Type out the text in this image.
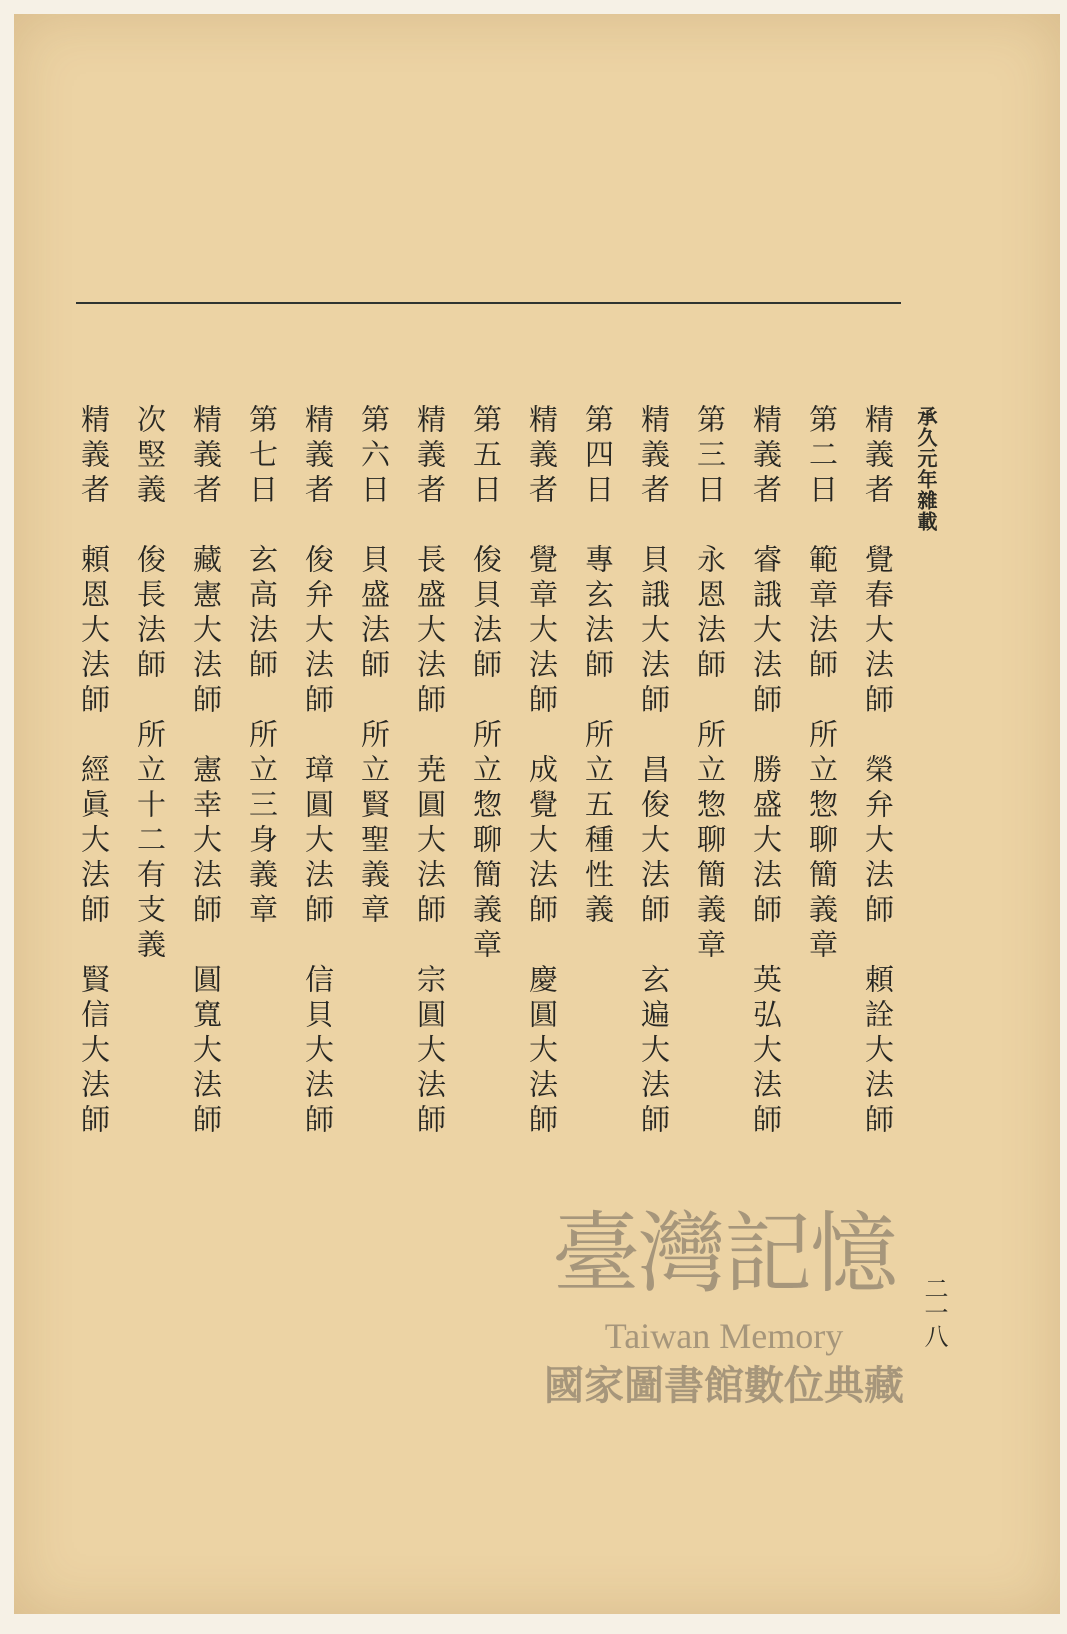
承久元年雜載

精義者　覺春大法師　榮弁大法師　頼詮大法師

第二日　範章法師　所立惣聊簡義章

精義者　睿誐大法師　勝盛大法師　英弘大法師

第三日　永恩法師　所立惣聊簡義章

精義者　貝誐大法師　昌俊大法師　玄遍大法師

第四日　專玄法師　所立五種性義

精義者　覺章大法師　成覺大法師　慶圓大法師

第五日　俊貝法師　所立惣聊簡義章

精義者　長盛大法師　尭圓大法師　宗圓大法師

第六日　貝盛法師　所立賢聖義章

精義者　俊弁大法師　璋圓大法師　信貝大法師

第七日　玄高法師　所立三身義章

精義者　藏憲大法師　憲幸大法師　圓寬大法師

次竪義　俊長法師　所立十二有支義

精義者　頼恩大法師　經眞大法師　賢信大法師

二一八
臺灣記憶
Taiwan Memory
國家圖書館數位典藏
